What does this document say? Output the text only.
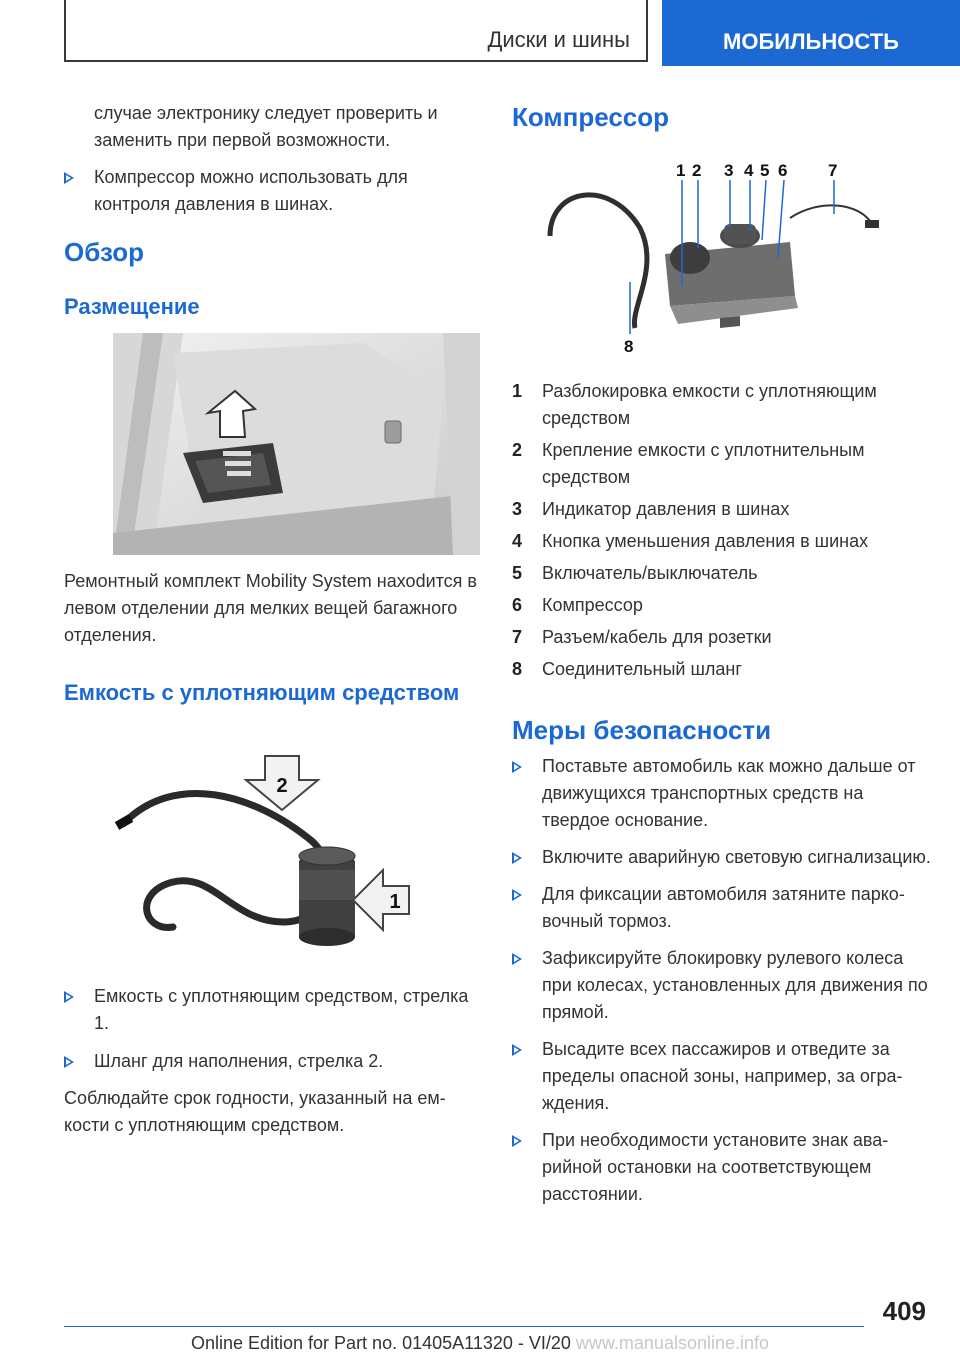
Диски и шины	МОБИЛЬНОСТЬ

случае электронику следует проверить и заменить при первой возможности.

Компрессор можно использовать для контроля давления в шинах.
Обзор
Размещение

Ремонтный комплект Mobility System нахоdится в левом отделении для мелких вещей багажного отделения.

Емкость с уплотняющим средством
2
1
Емкость с уплотняющим средством, стрелка 1.
Шланг для наполнения, стрелка 2.

Соблюдайте срок годности, указанный на емкости с уплотняющим средством.

Компрессор
1 2 3 4 5 6 7
8
1 Разблокировка емкости с уплотняющим средством
2 Крепление емкости с уплотнительным средством
3 Индикатор давления в шинах
4 Кнопка уменьшения давления в шинах
5 Включатель/выключатель
6 Компрессор
7 Разъем/кабель для розетки
8 Соединительный шланг
Меры безопасности
Поставьте автомобиль как можно дальше от движущихся транспортных средств на твердое основание.
Включите аварийную световую сигнализацию.
Для фиксации автомобиля затяните парковочный тормоз.
Зафиксируйте блокировку рулевого колеса при колесах, установленных для движения по прямой.
Высадите всех пассажиров и отведите за пределы опасной зоны, например, за ограждения.
При необходимости установите знак аварийной остановки на соответствующем расстоянии.
409
Online Edition for Part no. 01405A11320 - VI/20 www.manualsonline.info
